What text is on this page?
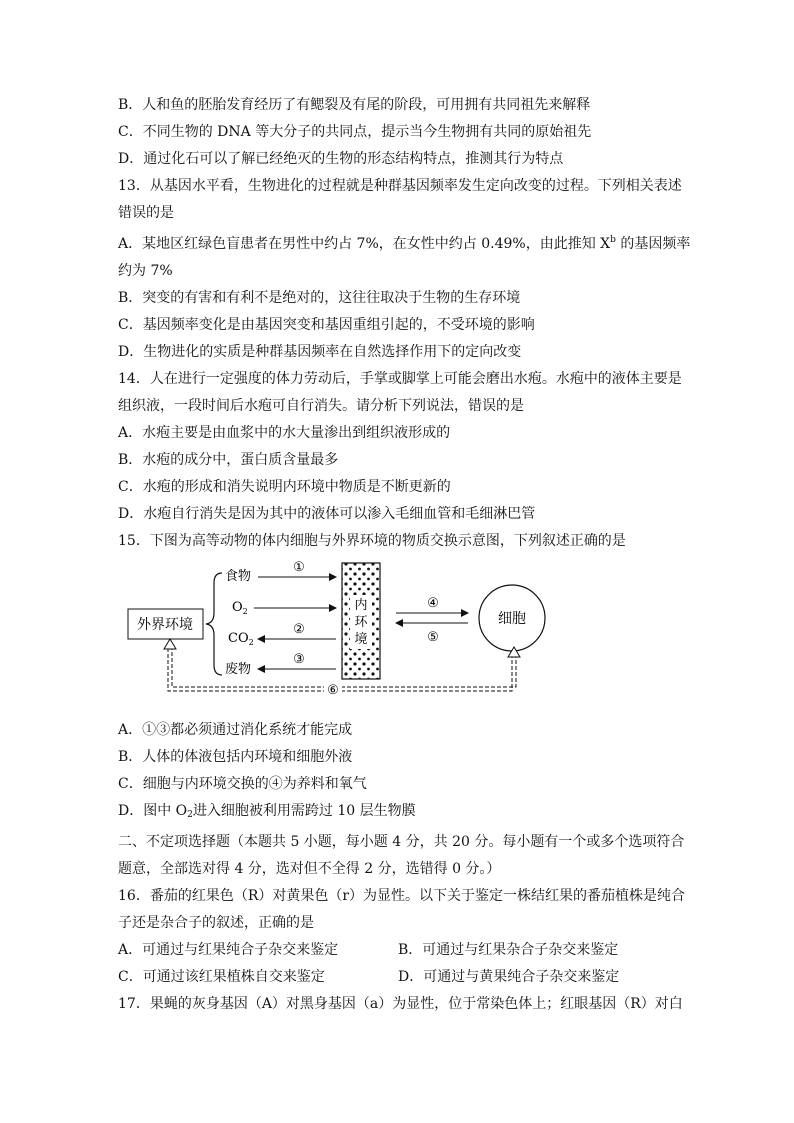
B．人和鱼的胚胎发育经历了有鳃裂及有尾的阶段，可用拥有共同祖先来解释
C．不同生物的 DNA 等大分子的共同点，提示当今生物拥有共同的原始祖先
D．通过化石可以了解已经绝灭的生物的形态结构特点，推测其行为特点
13．从基因水平看，生物进化的过程就是种群基因频率发生定向改变的过程。下列相关表述
错误的是
A．某地区红绿色盲患者在男性中约占 7%，在女性中约占 0.49%，由此推知 $X^b$ 的基因频率
约为 7%
B．突变的有害和有利不是绝对的，这往往取决于生物的生存环境
C．基因频率变化是由基因突变和基因重组引起的，不受环境的影响
D．生物进化的实质是种群基因频率在自然选择作用下的定向改变
14．人在进行一定强度的体力劳动后，手掌或脚掌上可能会磨出水疱。水疱中的液体主要是
组织液，一段时间后水疱可自行消失。请分析下列说法，错误的是
A．水疱主要是由血浆中的水大量渗出到组织液形成的
B．水疱的成分中，蛋白质含量最多
C．水疱的形成和消失说明内环境中物质是不断更新的
D．水疱自行消失是因为其中的液体可以渗入毛细血管和毛细淋巴管
15．下图为高等动物的体内细胞与外界环境的物质交换示意图，下列叙述正确的是
外界环境
食物
$O_2$
$CO_2$
废物
①
②
③
内
环
境
④
⑤
细胞
⑥
A．①③都必须通过消化系统才能完成
B．人体的体液包括内环境和细胞外液
C．细胞与内环境交换的④为养料和氧气
D．图中 $O_2$进入细胞被利用需跨过 10 层生物膜
二、不定项选择题（本题共 5 小题，每小题 4 分，共 20 分。每小题有一个或多个选项符合
题意，全部选对得 4 分，选对但不全得 2 分，选错得 0 分。）
16．番茄的红果色（R）对黄果色（r）为显性。以下关于鉴定一株结红果的番茄植株是纯合
子还是杂合子的叙述，正确的是
A．可通过与红果纯合子杂交来鉴定	B．可通过与红果杂合子杂交来鉴定
C．可通过该红果植株自交来鉴定	D．可通过与黄果纯合子杂交来鉴定
17．果蝇的灰身基因（A）对黑身基因（a）为显性，位于常染色体上；红眼基因（R）对白
